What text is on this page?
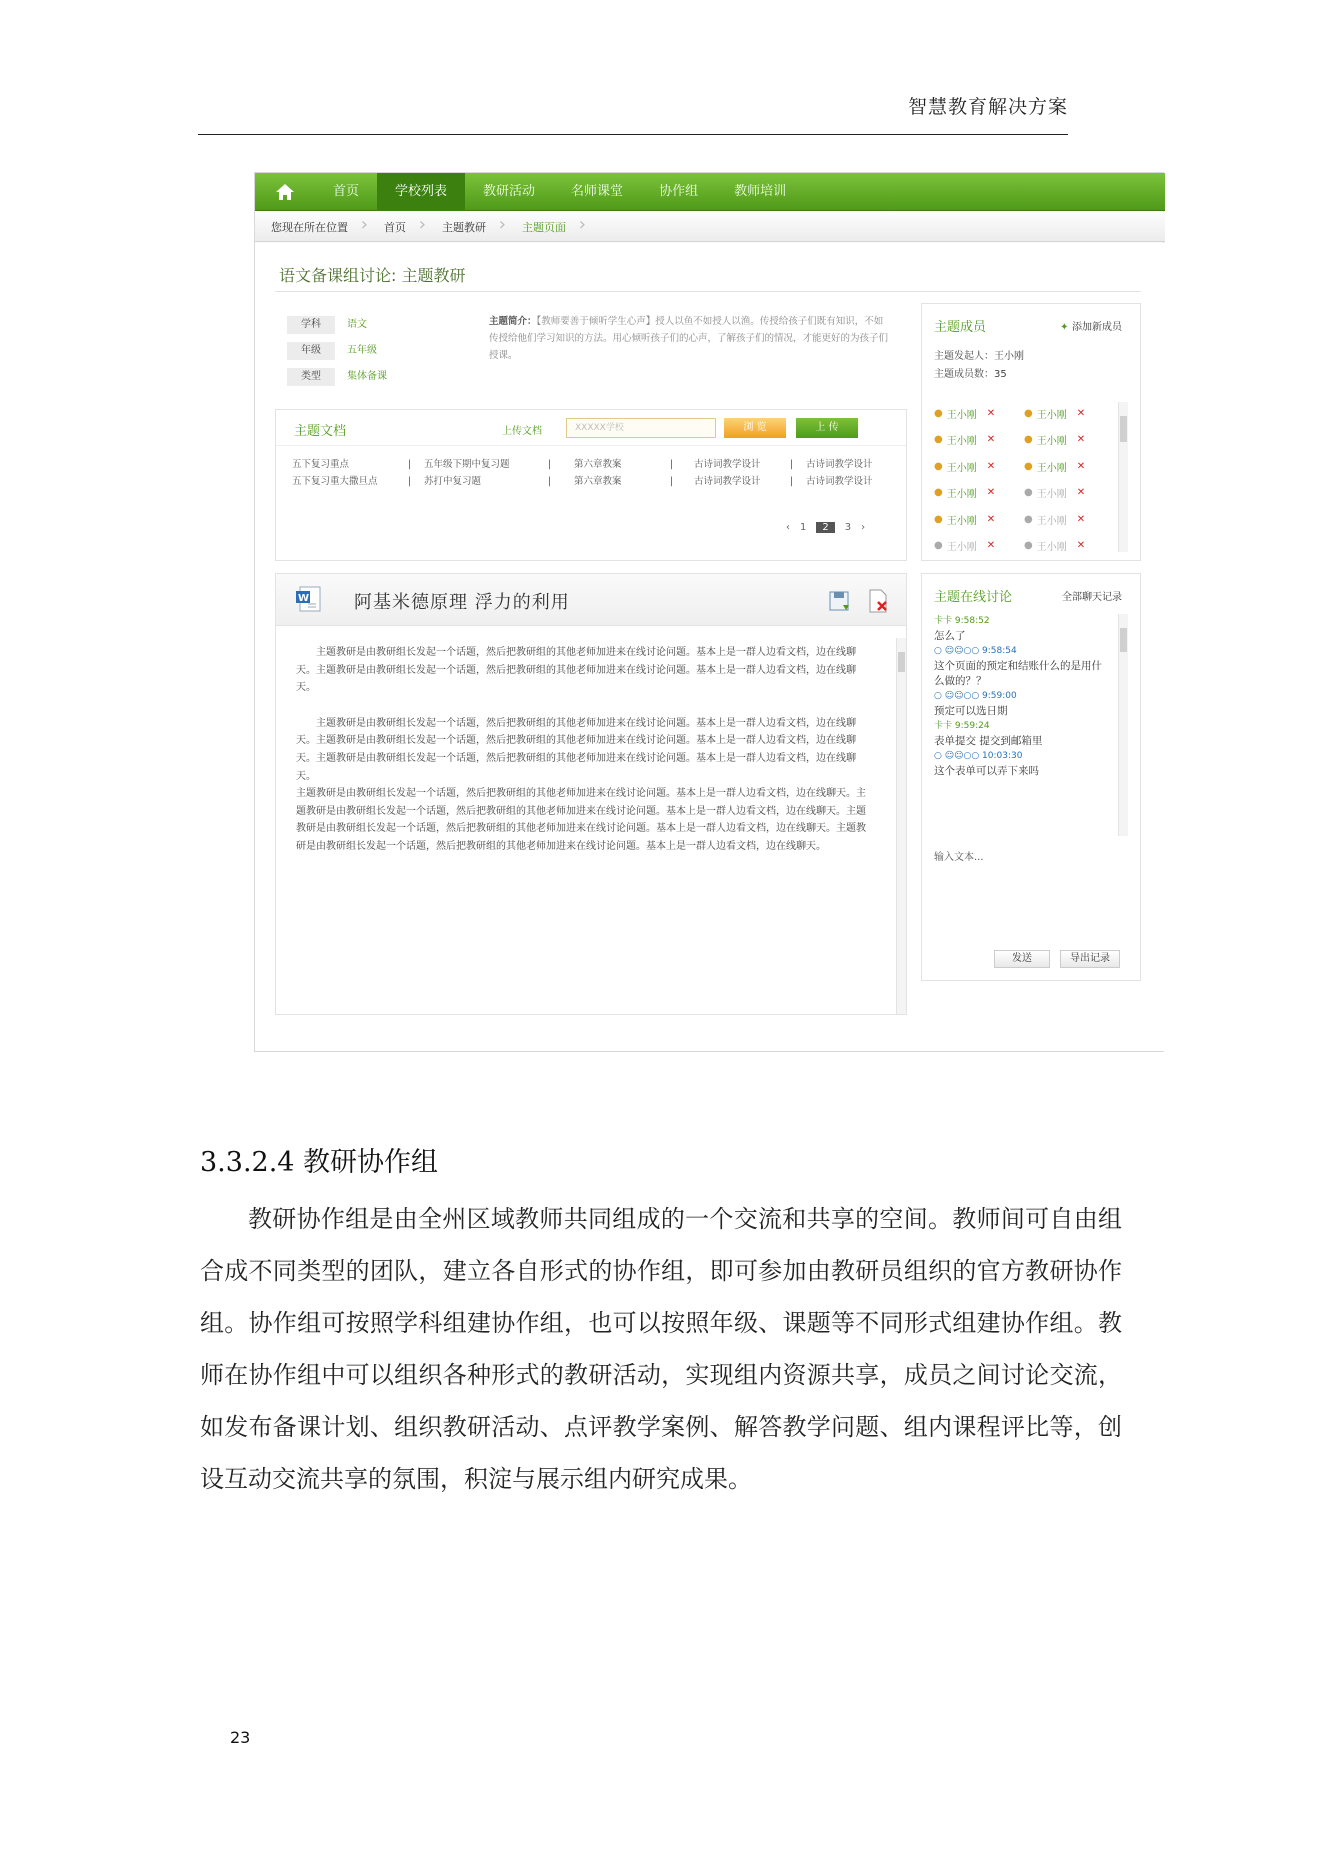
智慧教育解决方案
首页	学校列表	教研活动	名师课堂	协作组	教师培训
您现在所在位置 ›	首页 ›	主题教研 ›	主题页面 ›
语文备课组讨论: 主题教研
学科	语文
年级	五年级
类型	集体备课
主题简介：【教师要善于倾听学生心声】授人以鱼不如授人以渔。传授给孩子们既有知识，不如传授给他们学习知识的方法。用心倾听孩子们的心声，了解孩子们的情况，才能更好的为孩子们授课。
主题文档	上传文档	XXXXX学校	浏 览	上 传
五下复习重点	|	五年级下期中复习题	|	第六章教案	|	古诗词教学设计	|	古诗词教学设计
五下复习重大撒旦点	|	苏打中复习题	|	第六章教案	|	古诗词教学设计	|	古诗词教学设计
‹ 1	2	3 ›
W 阿基米德原理 浮力的利用

主题教研是由教研组长发起一个话题，然后把教研组的其他老师加进来在线讨论问题。基本上是一群人边看文档，边在线聊天。主题教研是由教研组长发起一个话题，然后把教研组的其他老师加进来在线讨论问题。基本上是一群人边看文档，边在线聊天。

主题教研是由教研组长发起一个话题，然后把教研组的其他老师加进来在线讨论问题。基本上是一群人边看文档，边在线聊天。主题教研是由教研组长发起一个话题，然后把教研组的其他老师加进来在线讨论问题。基本上是一群人边看文档，边在线聊天。主题教研是由教研组长发起一个话题，然后把教研组的其他老师加进来在线讨论问题。基本上是一群人边看文档，边在线聊天。

主题教研是由教研组长发起一个话题，然后把教研组的其他老师加进来在线讨论问题。基本上是一群人边看文档，边在线聊天。主题教研是由教研组长发起一个话题，然后把教研组的其他老师加进来在线讨论问题。基本上是一群人边看文档，边在线聊天。主题教研是由教研组长发起一个话题，然后把教研组的其他老师加进来在线讨论问题。基本上是一群人边看文档，边在线聊天。主题教研是由教研组长发起一个话题，然后把教研组的其他老师加进来在线讨论问题。基本上是一群人边看文档，边在线聊天。

主题成员	✦ 添加新成员
主题发起人：王小刚
主题成员数：35
● 王小刚 ✕	● 王小刚 ✕
● 王小刚 ✕	● 王小刚 ✕
● 王小刚 ✕	● 王小刚 ✕
● 王小刚 ✕	● 王小刚 ✕
● 王小刚 ✕	● 王小刚 ✕
● 王小刚 ✕	● 王小刚 ✕
主题在线讨论	全部聊天记录
卡卡 9:58:52
怎么了
○ ☺☺○○ 9:58:54
这个页面的预定和结账什么的是用什么做的？？
○ ☺☺○○ 9:59:00
预定可以选日期
卡卡 9:59:24
表单提交 提交到邮箱里
○ ☺☺○○ 10:03:30
这个表单可以弄下来吗
输入文本...
发送	导出记录
3.3.2.4 教研协作组
教研协作组是由全州区域教师共同组成的一个交流和共享的空间。教师间可自由组合成不同类型的团队，建立各自形式的协作组，即可参加由教研员组织的官方教研协作组。协作组可按照学科组建协作组，也可以按照年级、课题等不同形式组建协作组。教师在协作组中可以组织各种形式的教研活动，实现组内资源共享，成员之间讨论交流，如发布备课计划、组织教研活动、点评教学案例、解答教学问题、组内课程评比等，创设互动交流共享的氛围，积淀与展示组内研究成果。
23
